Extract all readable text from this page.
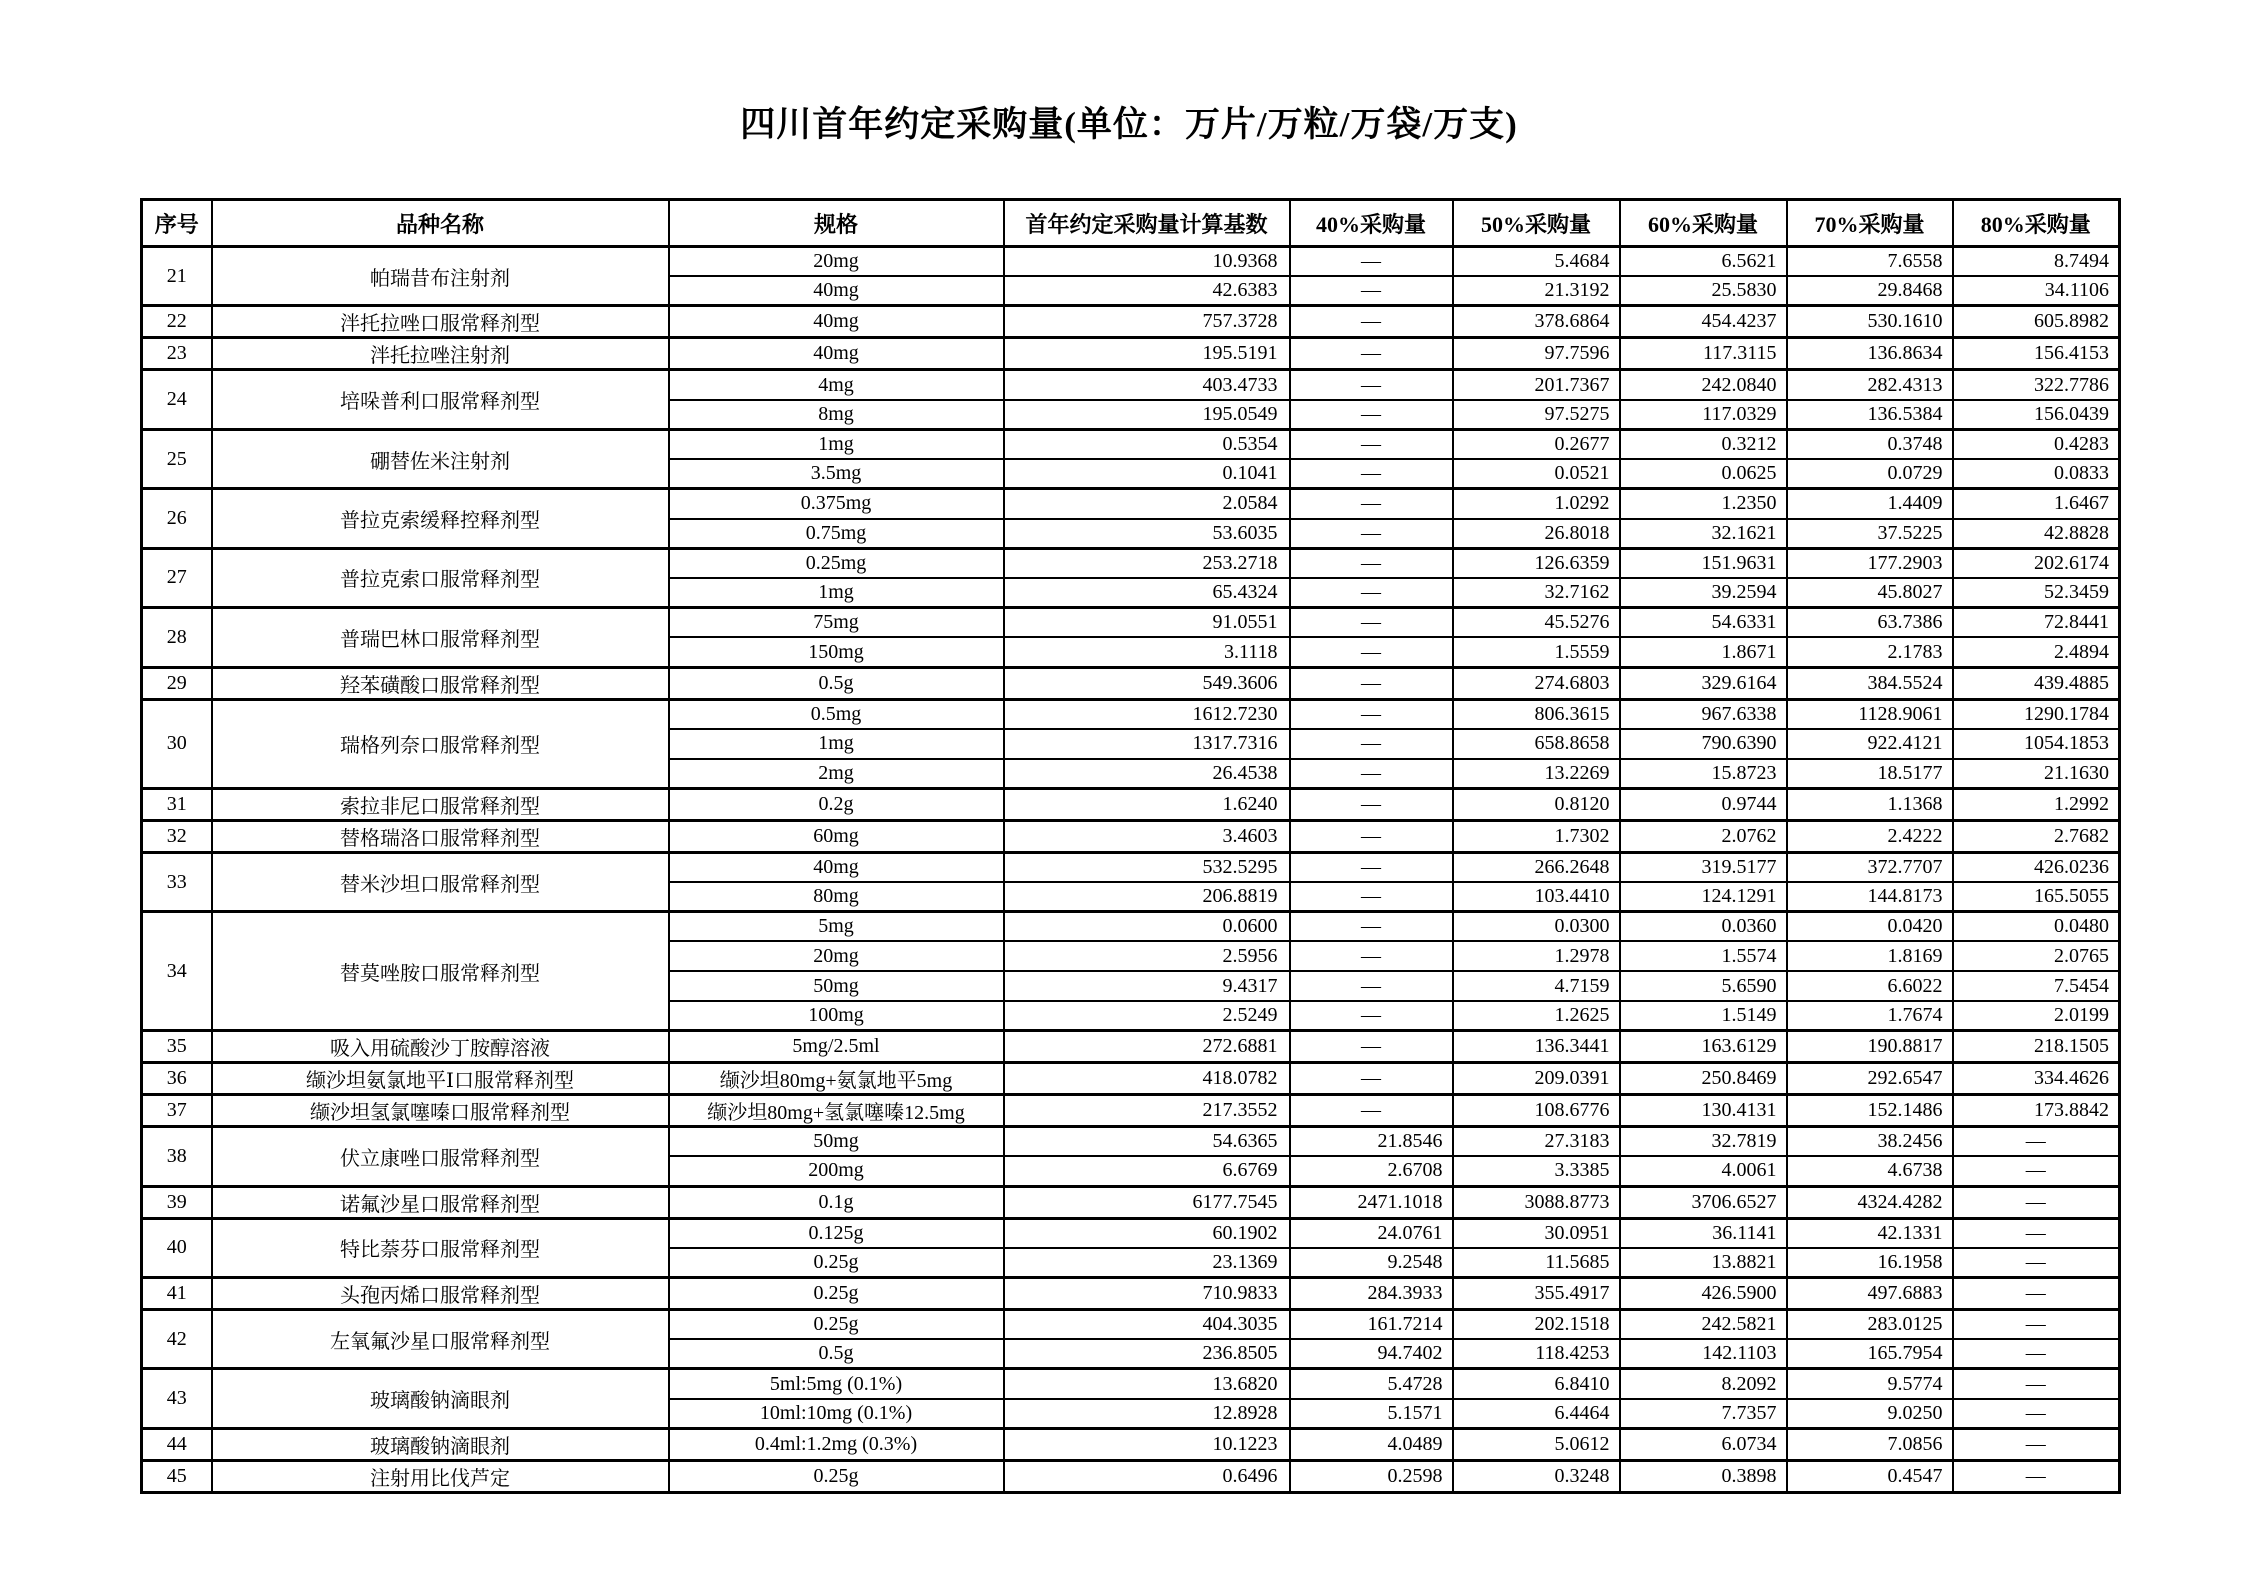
四川首年约定采购量(单位：万片/万粒/万袋/万支)
序号	品种名称	规格	首年约定采购量计算基数	40%采购量	50%采购量	60%采购量	70%采购量	80%采购量
21	帕瑞昔布注射剂	20mg	10.9368	—	5.4684	6.5621	7.6558	8.7494
		40mg	42.6383	—	21.3192	25.5830	29.8468	34.1106
22	泮托拉唑口服常释剂型	40mg	757.3728	—	378.6864	454.4237	530.1610	605.8982
23	泮托拉唑注射剂	40mg	195.5191	—	97.7596	117.3115	136.8634	156.4153
24	培哚普利口服常释剂型	4mg	403.4733	—	201.7367	242.0840	282.4313	322.7786
		8mg	195.0549	—	97.5275	117.0329	136.5384	156.0439
25	硼替佐米注射剂	1mg	0.5354	—	0.2677	0.3212	0.3748	0.4283
		3.5mg	0.1041	—	0.0521	0.0625	0.0729	0.0833
26	普拉克索缓释控释剂型	0.375mg	2.0584	—	1.0292	1.2350	1.4409	1.6467
		0.75mg	53.6035	—	26.8018	32.1621	37.5225	42.8828
27	普拉克索口服常释剂型	0.25mg	253.2718	—	126.6359	151.9631	177.2903	202.6174
		1mg	65.4324	—	32.7162	39.2594	45.8027	52.3459
28	普瑞巴林口服常释剂型	75mg	91.0551	—	45.5276	54.6331	63.7386	72.8441
		150mg	3.1118	—	1.5559	1.8671	2.1783	2.4894
29	羟苯磺酸口服常释剂型	0.5g	549.3606	—	274.6803	329.6164	384.5524	439.4885
30	瑞格列奈口服常释剂型	0.5mg	1612.7230	—	806.3615	967.6338	1128.9061	1290.1784
		1mg	1317.7316	—	658.8658	790.6390	922.4121	1054.1853
		2mg	26.4538	—	13.2269	15.8723	18.5177	21.1630
31	索拉非尼口服常释剂型	0.2g	1.6240	—	0.8120	0.9744	1.1368	1.2992
32	替格瑞洛口服常释剂型	60mg	3.4603	—	1.7302	2.0762	2.4222	2.7682
33	替米沙坦口服常释剂型	40mg	532.5295	—	266.2648	319.5177	372.7707	426.0236
		80mg	206.8819	—	103.4410	124.1291	144.8173	165.5055
34	替莫唑胺口服常释剂型	5mg	0.0600	—	0.0300	0.0360	0.0420	0.0480
		20mg	2.5956	—	1.2978	1.5574	1.8169	2.0765
		50mg	9.4317	—	4.7159	5.6590	6.6022	7.5454
		100mg	2.5249	—	1.2625	1.5149	1.7674	2.0199
35	吸入用硫酸沙丁胺醇溶液	5mg/2.5ml	272.6881	—	136.3441	163.6129	190.8817	218.1505
36	缬沙坦氨氯地平Ⅰ口服常释剂型	缬沙坦80mg+氨氯地平5mg	418.0782	—	209.0391	250.8469	292.6547	334.4626
37	缬沙坦氢氯噻嗪口服常释剂型	缬沙坦80mg+氢氯噻嗪12.5mg	217.3552	—	108.6776	130.4131	152.1486	173.8842
38	伏立康唑口服常释剂型	50mg	54.6365	21.8546	27.3183	32.7819	38.2456	—
		200mg	6.6769	2.6708	3.3385	4.0061	4.6738	—
39	诺氟沙星口服常释剂型	0.1g	6177.7545	2471.1018	3088.8773	3706.6527	4324.4282	—
40	特比萘芬口服常释剂型	0.125g	60.1902	24.0761	30.0951	36.1141	42.1331	—
		0.25g	23.1369	9.2548	11.5685	13.8821	16.1958	—
41	头孢丙烯口服常释剂型	0.25g	710.9833	284.3933	355.4917	426.5900	497.6883	—
42	左氧氟沙星口服常释剂型	0.25g	404.3035	161.7214	202.1518	242.5821	283.0125	—
		0.5g	236.8505	94.7402	118.4253	142.1103	165.7954	—
43	玻璃酸钠滴眼剂	5ml:5mg (0.1%)	13.6820	5.4728	6.8410	8.2092	9.5774	—
		10ml:10mg (0.1%)	12.8928	5.1571	6.4464	7.7357	9.0250	—
44	玻璃酸钠滴眼剂	0.4ml:1.2mg (0.3%)	10.1223	4.0489	5.0612	6.0734	7.0856	—
45	注射用比伐芦定	0.25g	0.6496	0.2598	0.3248	0.3898	0.4547	—
